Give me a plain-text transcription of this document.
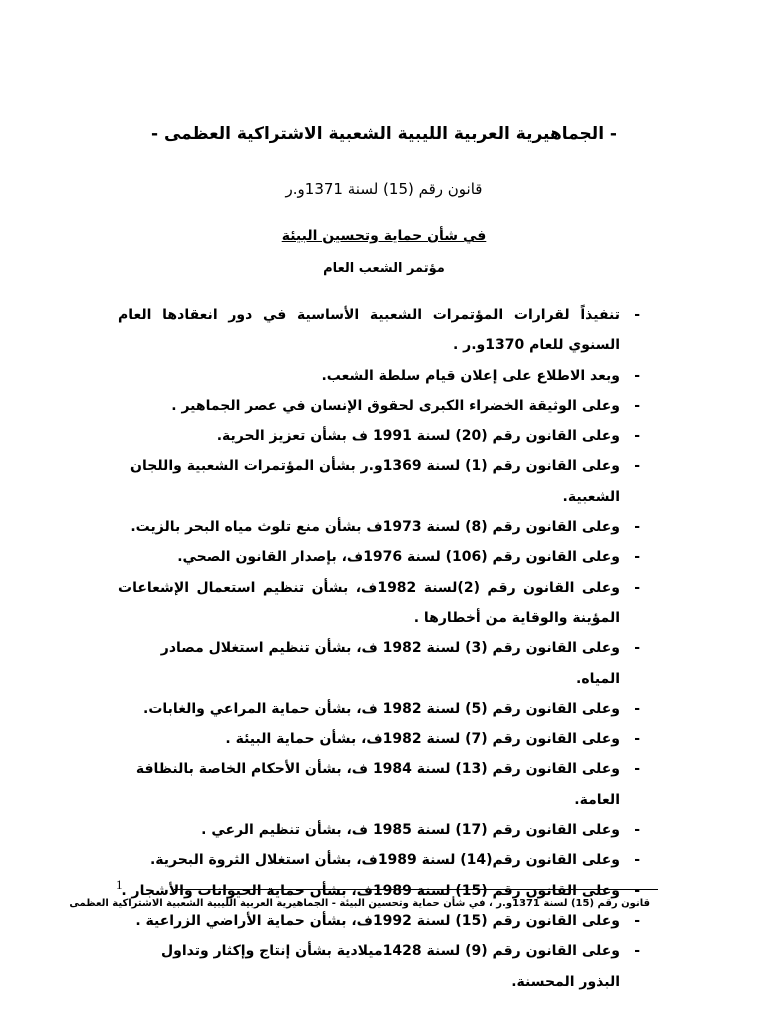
- الجماهيرية العربية الليبية الشعبية الاشتراكية العظمى -
قانون رقم (15) لسنة 1371و.ر
في شأن حماية وتحسين البيئة
مؤتمر الشعب العام
-
تنفيذاً لقرارات المؤتمرات الشعبية الأساسية في دور انعقادها العام السنوي للعام 1370و.ر .
-
وبعد الاطلاع على إعلان قيام سلطة الشعب.
-
وعلى الوثيقة الخضراء الكبرى لحقوق الإنسان في عصر الجماهير .
-
وعلى القانون رقم (20) لسنة 1991 ف بشأن تعزيز الحرية.
-
وعلى القانون رقم (1) لسنة 1369و.ر بشأن المؤتمرات الشعبية واللجان الشعبية.
-
وعلى القانون رقم (8) لسنة 1973ف بشأن منع تلوث مياه البحر بالزيت.
-
وعلى القانون رقم (106) لسنة 1976ف، بإصدار القانون الصحي.
-
وعلى القانون رقم (2)لسنة 1982ف، بشأن تنظيم استعمال الإشعاعات المؤينة والوقاية من أخطارها .
-
وعلى القانون رقم (3) لسنة 1982 ف، بشأن تنظيم استغلال مصادر المياه.
-
وعلى القانون رقم (5) لسنة 1982 ف، بشأن حماية المراعي والغابات.
-
وعلى القانون رقم (7) لسنة 1982ف، بشأن حماية البيئة .
-
وعلى القانون رقم (13) لسنة 1984 ف، بشأن الأحكام الخاصة بالنظافة العامة.
-
وعلى القانون رقم (17) لسنة 1985 ف، بشأن تنظيم الرعي .
-
وعلى القانون رقم(14) لسنة 1989ف، بشأن استغلال الثروة البحرية.
-
وعلى القانون رقم (15) لسنة 1989ف، بشأن حماية الحيوانات والأشجار .
-
وعلى القانون رقم (15) لسنة 1992ف، بشأن حماية الأراضي الزراعية .
-
وعلى القانون رقم (9) لسنة 1428ميلادية بشأن إنتاج وإكثار وتداول البذور المحسنة.
1
قانون رقم (15) لسنة 1371و.ر ، في شأن حماية وتحسين البيئة - الجماهيرية العربية الليبية الشعبية الاشتراكية العظمى
